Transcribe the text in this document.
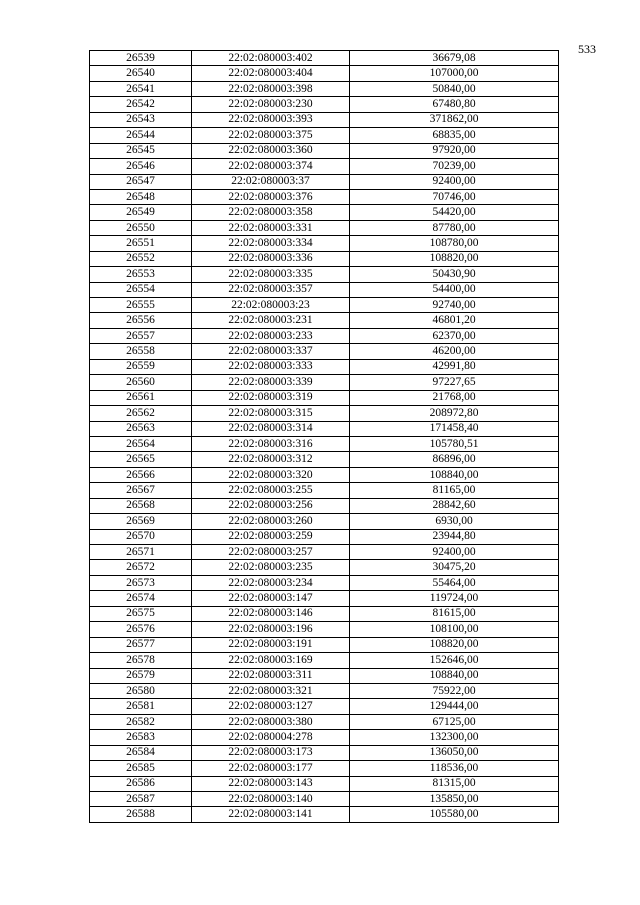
533
26539	22:02:080003:402	36679,08
26540	22:02:080003:404	107000,00
26541	22:02:080003:398	50840,00
26542	22:02:080003:230	67480,80
26543	22:02:080003:393	371862,00
26544	22:02:080003:375	68835,00
26545	22:02:080003:360	97920,00
26546	22:02:080003:374	70239,00
26547	22:02:080003:37	92400,00
26548	22:02:080003:376	70746,00
26549	22:02:080003:358	54420,00
26550	22:02:080003:331	87780,00
26551	22:02:080003:334	108780,00
26552	22:02:080003:336	108820,00
26553	22:02:080003:335	50430,90
26554	22:02:080003:357	54400,00
26555	22:02:080003:23	92740,00
26556	22:02:080003:231	46801,20
26557	22:02:080003:233	62370,00
26558	22:02:080003:337	46200,00
26559	22:02:080003:333	42991,80
26560	22:02:080003:339	97227,65
26561	22:02:080003:319	21768,00
26562	22:02:080003:315	208972,80
26563	22:02:080003:314	171458,40
26564	22:02:080003:316	105780,51
26565	22:02:080003:312	86896,00
26566	22:02:080003:320	108840,00
26567	22:02:080003:255	81165,00
26568	22:02:080003:256	28842,60
26569	22:02:080003:260	6930,00
26570	22:02:080003:259	23944,80
26571	22:02:080003:257	92400,00
26572	22:02:080003:235	30475,20
26573	22:02:080003:234	55464,00
26574	22:02:080003:147	119724,00
26575	22:02:080003:146	81615,00
26576	22:02:080003:196	108100,00
26577	22:02:080003:191	108820,00
26578	22:02:080003:169	152646,00
26579	22:02:080003:311	108840,00
26580	22:02:080003:321	75922,00
26581	22:02:080003:127	129444,00
26582	22:02:080003:380	67125,00
26583	22:02:080004:278	132300,00
26584	22:02:080003:173	136050,00
26585	22:02:080003:177	118536,00
26586	22:02:080003:143	81315,00
26587	22:02:080003:140	135850,00
26588	22:02:080003:141	105580,00
